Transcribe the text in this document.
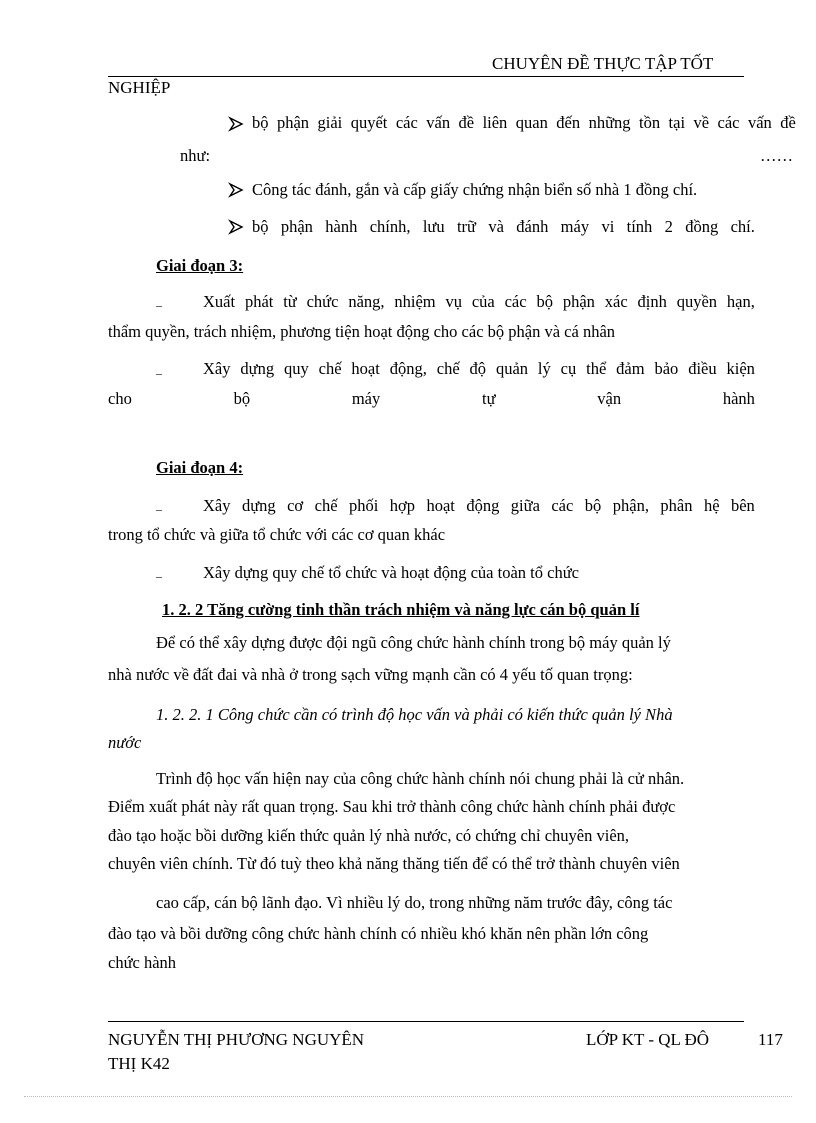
CHUYÊN ĐỀ THỰC TẬP TỐT
NGHIỆP
bộ phận giải quyết các vấn đề liên quan đến những tồn tại về các vấn đề
như:	……
Công tác đánh, gắn và cấp giấy chứng nhận biển số nhà 1 đồng chí.
bộ phận hành chính, lưu trữ và đánh máy vi tính 2 đồng chí.
Giai đoạn 3:
– Xuất phát từ chức năng, nhiệm vụ của các bộ phận xác định quyền hạn,
thẩm quyền, trách nhiệm, phương tiện hoạt động cho các bộ phận và cá nhân
– Xây dựng quy chế hoạt động, chế độ quản lý cụ thể đảm bảo điều kiện
cho	bộ	máy	tự	vận	hành
Giai đoạn 4:
– Xây dựng cơ chế phối hợp hoạt động giữa các bộ phận, phân hệ bên
trong tổ chức và giữa tổ chức với các cơ quan khác
– Xây dựng quy chế tổ chức và hoạt động của toàn tổ chức
1. 2. 2 Tăng cường tinh thần trách nhiệm và năng lực cán bộ quản lí
Để có thể xây dựng được đội ngũ công chức hành chính trong bộ máy quản lý
nhà nước về đất đai và nhà ở trong sạch vững mạnh cần có 4 yếu tố quan trọng:
1. 2. 2. 1 Công chức cần có trình độ học vấn và phải có kiến thức quản lý Nhà
nước
Trình độ học vấn hiện nay của công chức hành chính nói chung phải là cử nhân.
Điểm xuất phát này rất quan trọng. Sau khi trở thành công chức hành chính phải được
đào tạo hoặc bồi dưỡng kiến thức quản lý nhà nước, có chứng chỉ chuyên viên,
chuyên viên chính. Từ đó tuỳ theo khả năng thăng tiến để có thể trở thành chuyên viên
cao cấp, cán bộ lãnh đạo. Vì nhiều lý do, trong những năm trước đây, công tác
đào tạo và bồi dưỡng công chức hành chính có nhiều khó khăn nên phần lớn công
chức hành
NGUYỄN THỊ PHƯƠNG NGUYÊN
THỊ K42
LỚP KT - QL ĐÔ	117
